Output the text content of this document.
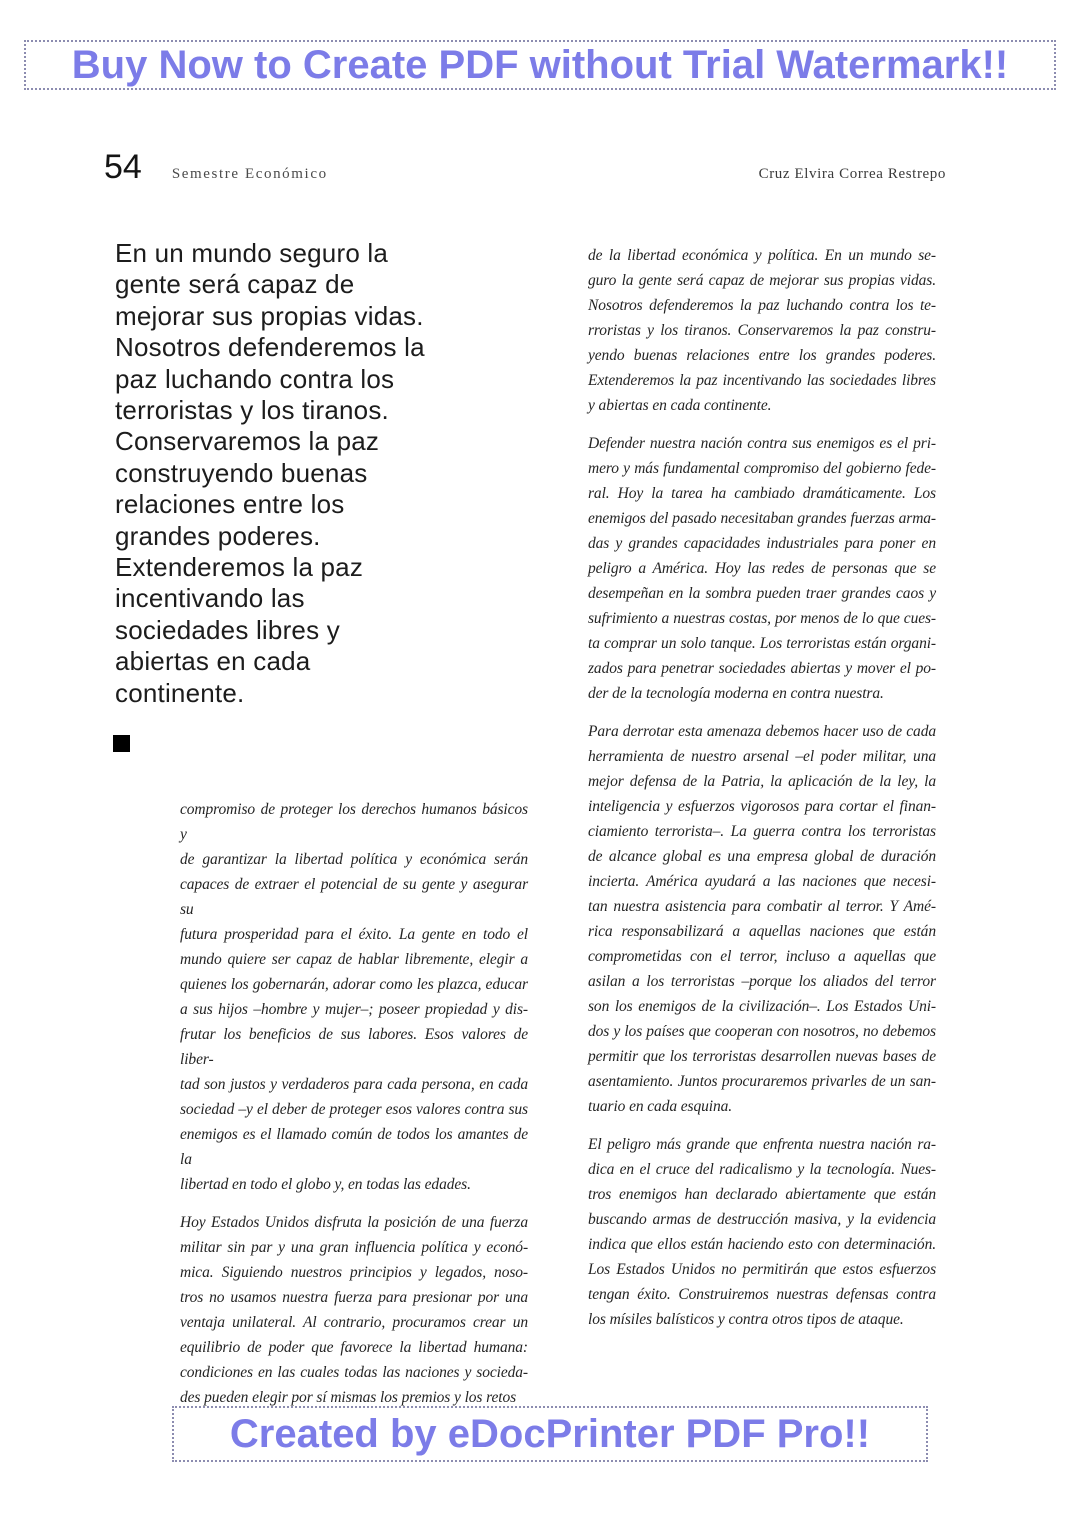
Buy Now to Create PDF without Trial Watermark!!
54 Semestre Económico	Cruz Elvira Correa Restrepo
En un mundo seguro la
gente será capaz de
mejorar sus propias vidas.
Nosotros defenderemos la
paz luchando contra los
terroristas y los tiranos.
Conservaremos la paz
construyendo buenas
relaciones entre los
grandes poderes.
Extenderemos la paz
incentivando las
sociedades libres y
abiertas en cada
continente.
compromiso de proteger los derechos humanos básicos y
de garantizar la libertad política y económica serán
capaces de extraer el potencial de su gente y asegurar su
futura prosperidad para el éxito. La gente en todo el
mundo quiere ser capaz de hablar libremente, elegir a
quienes los gobernarán, adorar como les plazca, educar
a sus hijos –hombre y mujer–; poseer propiedad y dis-
frutar los beneficios de sus labores. Esos valores de liber-
tad son justos y verdaderos para cada persona, en cada
sociedad –y el deber de proteger esos valores contra sus
enemigos es el llamado común de todos los amantes de la
libertad en todo el globo y, en todas las edades.
Hoy Estados Unidos disfruta la posición de una fuerza
militar sin par y una gran influencia política y econó-
mica. Siguiendo nuestros principios y legados, noso-
tros no usamos nuestra fuerza para presionar por una
ventaja unilateral. Al contrario, procuramos crear un
equilibrio de poder que favorece la libertad humana:
condiciones en las cuales todas las naciones y socieda-
des pueden elegir por sí mismas los premios y los retos
de la libertad económica y política. En un mundo se-
guro la gente será capaz de mejorar sus propias vidas.
Nosotros defenderemos la paz luchando contra los te-
rroristas y los tiranos. Conservaremos la paz constru-
yendo buenas relaciones entre los grandes poderes.
Extenderemos la paz incentivando las sociedades libres
y abiertas en cada continente.
Defender nuestra nación contra sus enemigos es el pri-
mero y más fundamental compromiso del gobierno fede-
ral. Hoy la tarea ha cambiado dramáticamente. Los
enemigos del pasado necesitaban grandes fuerzas arma-
das y grandes capacidades industriales para poner en
peligro a América. Hoy las redes de personas que se
desempeñan en la sombra pueden traer grandes caos y
sufrimiento a nuestras costas, por menos de lo que cues-
ta comprar un solo tanque. Los terroristas están organi-
zados para penetrar sociedades abiertas y mover el po-
der de la tecnología moderna en contra nuestra.
Para derrotar esta amenaza debemos hacer uso de cada
herramienta de nuestro arsenal –el poder militar, una
mejor defensa de la Patria, la aplicación de la ley, la
inteligencia y esfuerzos vigorosos para cortar el finan-
ciamiento terrorista–. La guerra contra los terroristas
de alcance global es una empresa global de duración
incierta. América ayudará a las naciones que necesi-
tan nuestra asistencia para combatir al terror. Y Amé-
rica responsabilizará a aquellas naciones que están
comprometidas con el terror, incluso a aquellas que
asilan a los terroristas –porque los aliados del terror
son los enemigos de la civilización–. Los Estados Uni-
dos y los países que cooperan con nosotros, no debemos
permitir que los terroristas desarrollen nuevas bases de
asentamiento. Juntos procuraremos privarles de un san-
tuario en cada esquina.
El peligro más grande que enfrenta nuestra nación ra-
dica en el cruce del radicalismo y la tecnología. Nues-
tros enemigos han declarado abiertamente que están
buscando armas de destrucción masiva, y la evidencia
indica que ellos están haciendo esto con determinación.
Los Estados Unidos no permitirán que estos esfuerzos
tengan éxito. Construiremos nuestras defensas contra
los mísiles balísticos y contra otros tipos de ataque.
Created by eDocPrinter PDF Pro!!
